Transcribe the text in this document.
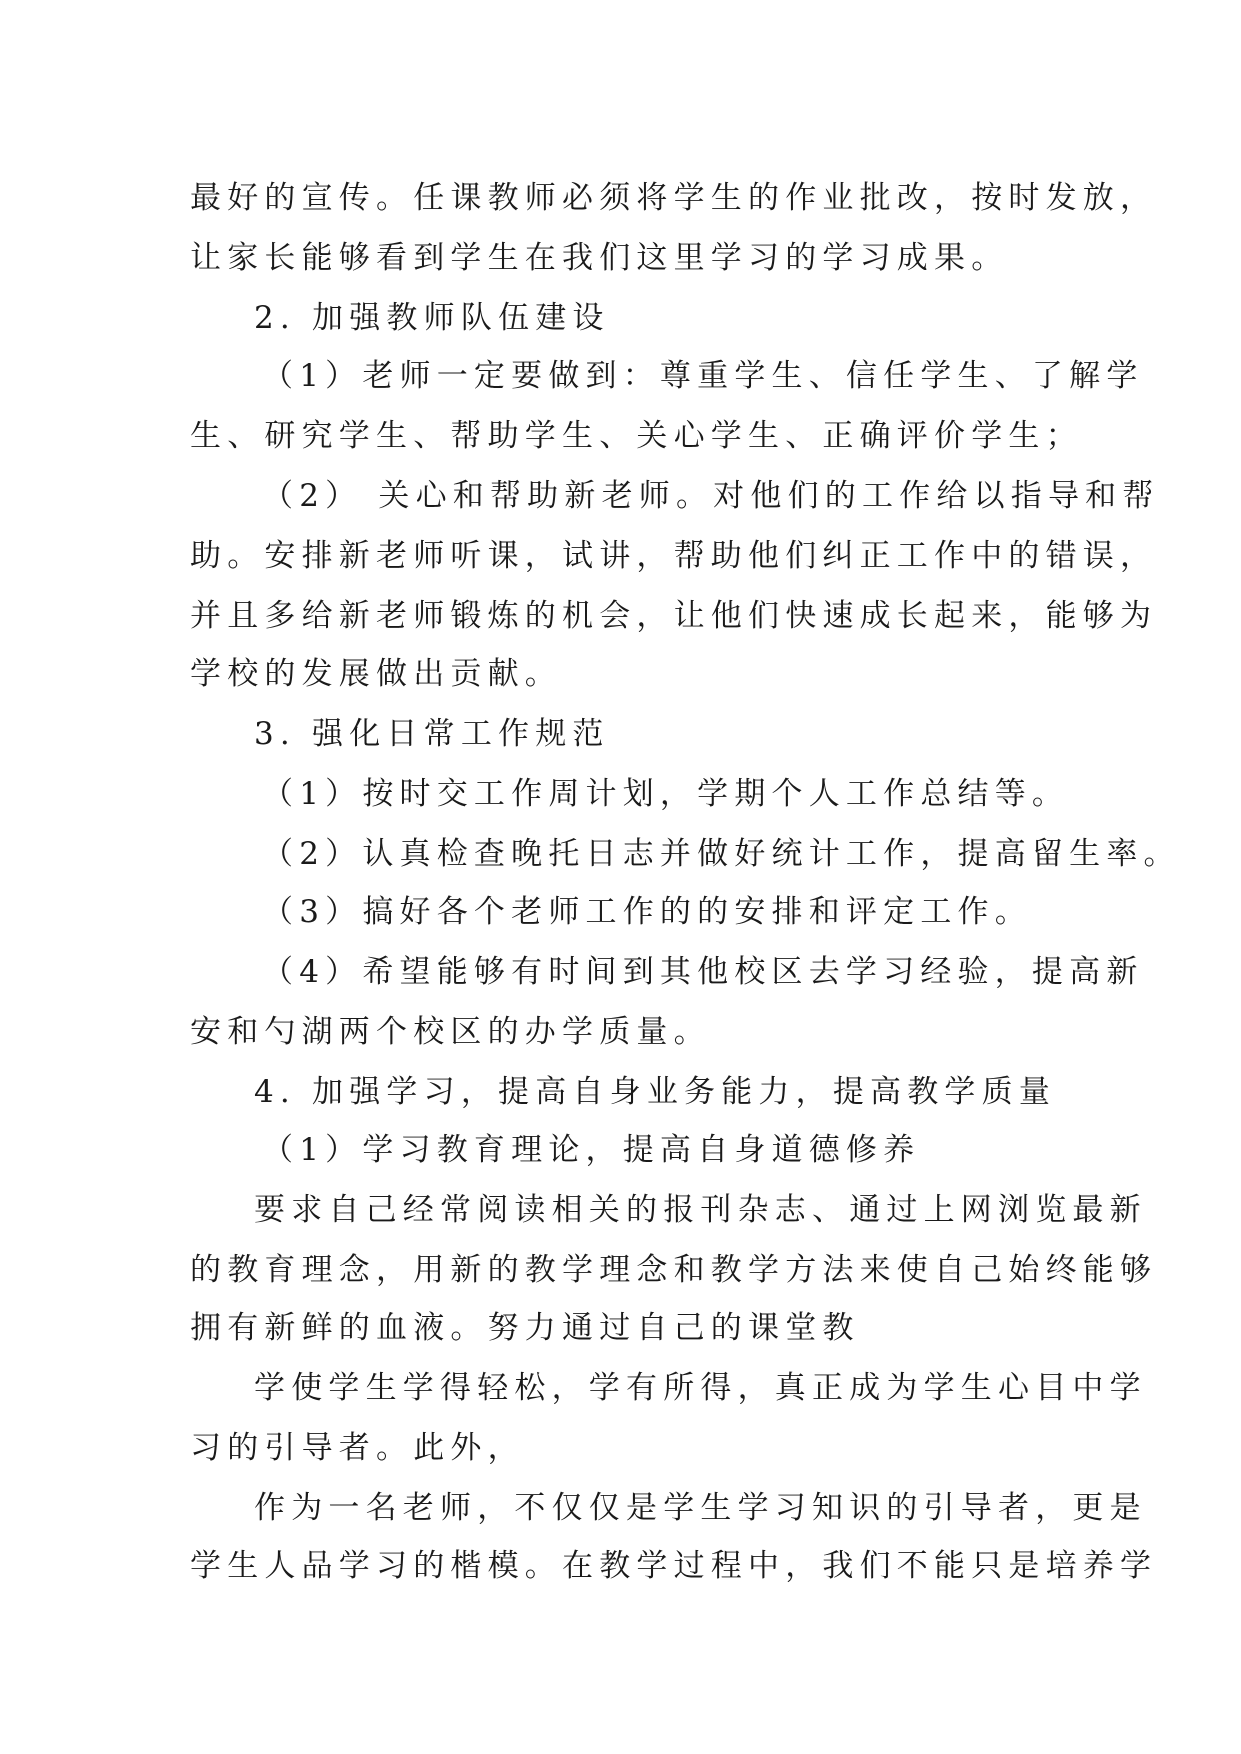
最好的宣传。任课教师必须将学生的作业批改，按时发放，
让家长能够看到学生在我们这里学习的学习成果。
2. 加强教师队伍建设
（1）老师一定要做到：尊重学生、信任学生、了解学
生、研究学生、帮助学生、关心学生、正确评价学生；
（2） 关心和帮助新老师。对他们的工作给以指导和帮
助。安排新老师听课，试讲，帮助他们纠正工作中的错误，
并且多给新老师锻炼的机会，让他们快速成长起来，能够为
学校的发展做出贡献。
3. 强化日常工作规范
（1）按时交工作周计划，学期个人工作总结等。
（2）认真检查晚托日志并做好统计工作，提高留生率。
（3）搞好各个老师工作的的安排和评定工作。
（4）希望能够有时间到其他校区去学习经验，提高新
安和勺湖两个校区的办学质量。
4. 加强学习，提高自身业务能力，提高教学质量
（1）学习教育理论，提高自身道德修养
要求自己经常阅读相关的报刊杂志、通过上网浏览最新
的教育理念，用新的教学理念和教学方法来使自己始终能够
拥有新鲜的血液。努力通过自己的课堂教
学使学生学得轻松，学有所得，真正成为学生心目中学
习的引导者。此外，
作为一名老师，不仅仅是学生学习知识的引导者，更是
学生人品学习的楷模。在教学过程中，我们不能只是培养学
